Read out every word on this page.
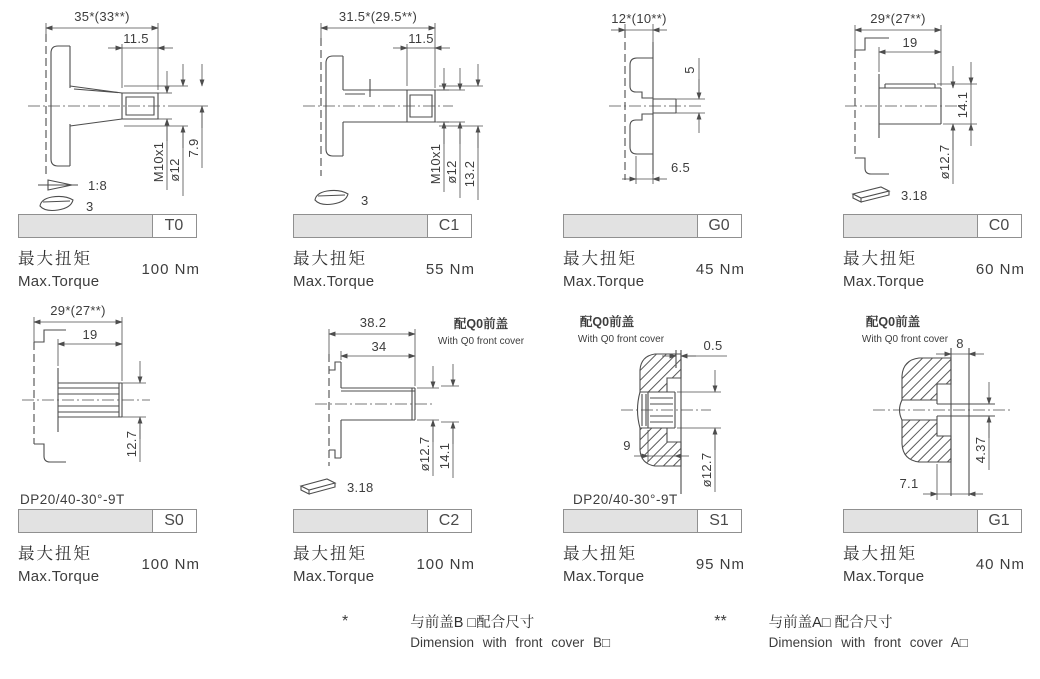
35*(33**)
11.5
M10x1 ø12
7.9
1:8
3
T0
最大扭矩
Max.Torque
100 Nm
31.5*(29.5**)
11.5
M10x1 ø12 13.2
3
C1
最大扭矩
Max.Torque
55 Nm
12*(10**)
5
6.5
G0
最大扭矩
Max.Torque
45 Nm
29*(27**)
19
14.1
ø12.7
3.18
C0
最大扭矩
Max.Torque
60 Nm
29*(27**)
19
12.7
DP20/40-30°-9T
S0
最大扭矩
Max.Torque
100 Nm
配Q0前盖
With Q0 front cover
38.2
34
ø12.7 14.1
3.18
C2
最大扭矩
Max.Torque
100 Nm
配Q0前盖
With Q0 front cover	0.5
9
ø12.7
DP20/40-30°-9T
S1
最大扭矩
Max.Torque
95 Nm
配Q0前盖
With Q0 front cover 8
4.37
7.1
G1
最大扭矩
Max.Torque
40 Nm
*	与前盖B □配合尺寸
Dimension with front cover B□
**	与前盖A□ 配合尺寸
Dimension with front cover A□
